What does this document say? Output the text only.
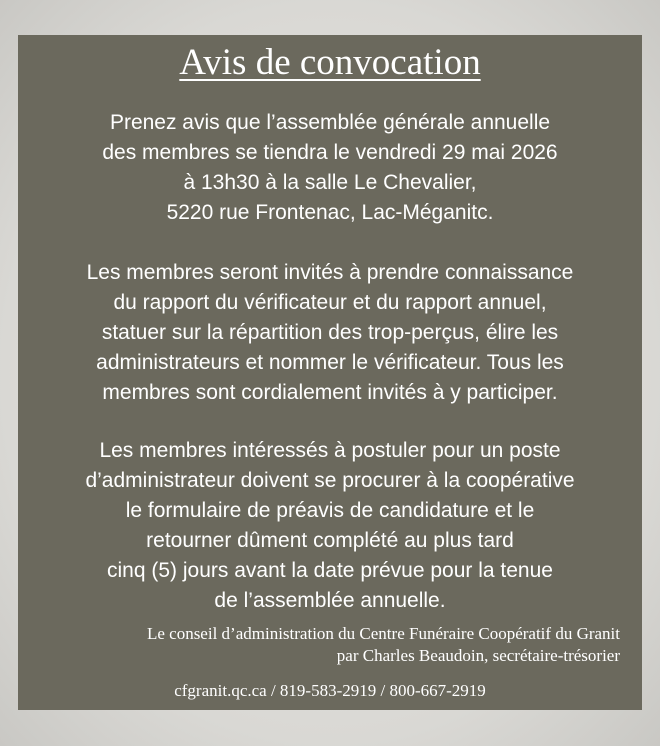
Avis de convocation
Prenez avis que l’assemblée générale annuelle
des membres se tiendra le vendredi 29 mai 2026
à 13h30 à la salle Le Chevalier,
5220 rue Frontenac, Lac-Méganitc.
Les membres seront invités à prendre connaissance
du rapport du vérificateur et du rapport annuel,
statuer sur la répartition des trop-perçus, élire les
administrateurs et nommer le vérificateur. Tous les
membres sont cordialement invités à y participer.
Les membres intéressés à postuler pour un poste
d’administrateur doivent se procurer à la coopérative
le formulaire de préavis de candidature et le
retourner dûment complété au plus tard
cinq (5) jours avant la date prévue pour la tenue
de l’assemblée annuelle.
Le conseil d’administration du Centre Funéraire Coopératif du Granit
par Charles Beaudoin, secrétaire-trésorier
cfgranit.qc.ca / 819-583-2919 / 800-667-2919
